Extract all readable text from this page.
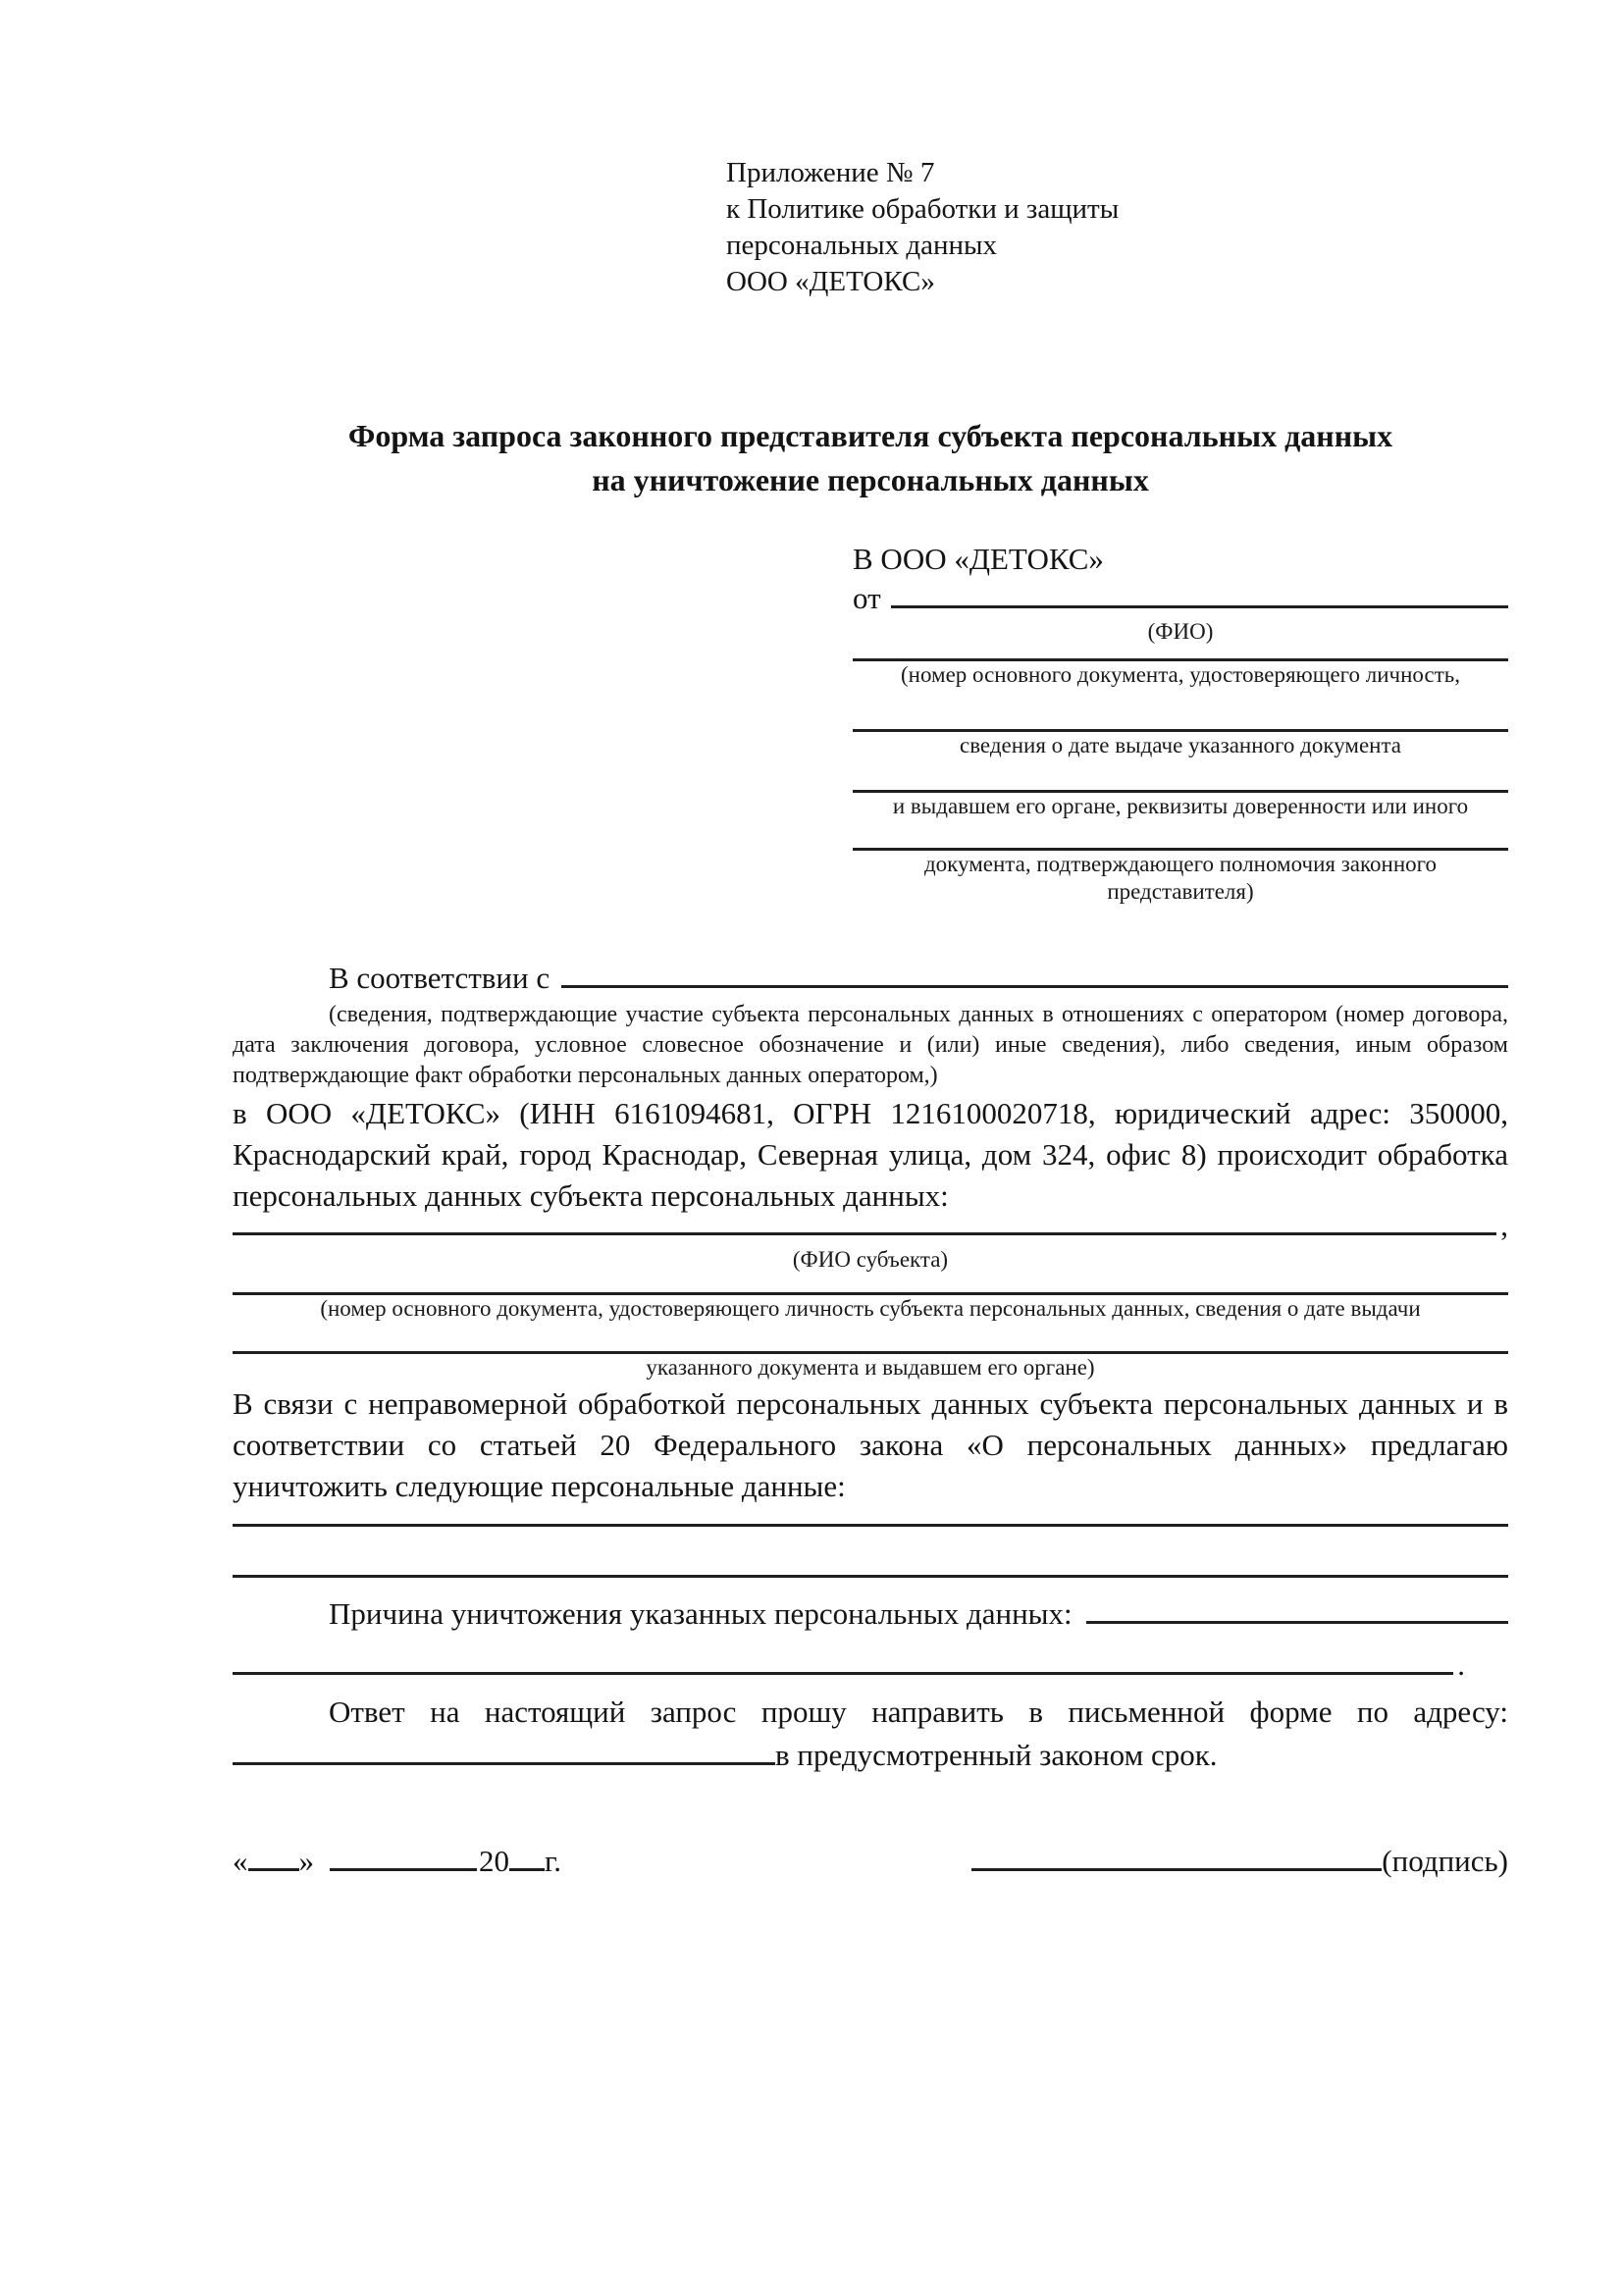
Приложение № 7
к Политике обработки и защиты
персональных данных
ООО «ДЕТОКС»
Форма запроса законного представителя субъекта персональных данных
на уничтожение персональных данных
В ООО «ДЕТОКС»
от
(ФИО)
(номер основного документа, удостоверяющего личность,
сведения о дате выдаче указанного документа
и выдавшем его органе, реквизиты доверенности или иного
документа, подтверждающего полномочия законного представителя)
В соответствии с
(сведения, подтверждающие участие субъекта персональных данных в отношениях с оператором (номер договора, дата заключения договора, условное словесное обозначение и (или) иные сведения), либо сведения, иным образом подтверждающие факт обработки персональных данных оператором,)

в ООО «ДЕТОКС» (ИНН 6161094681, ОГРН 1216100020718, юридический адрес: 350000, Краснодарский край, город Краснодар, Северная улица, дом 324, офис 8) происходит обработка персональных данных субъекта персональных данных:

,
(ФИО субъекта)
(номер основного документа, удостоверяющего личность субъекта персональных данных, сведения о дате выдачи
указанного документа и выдавшем его органе)

В связи с неправомерной обработкой персональных данных субъекта персональных данных и в соответствии со статьей 20 Федерального закона «О персональных данных» предлагаю уничтожить следующие персональные данные:

Причина уничтожения указанных персональных данных:
.

Ответ на настоящий запрос прошу направить в письменной форме по адресу:

в предусмотренный законом срок.
« »	20 г.	(подпись)
